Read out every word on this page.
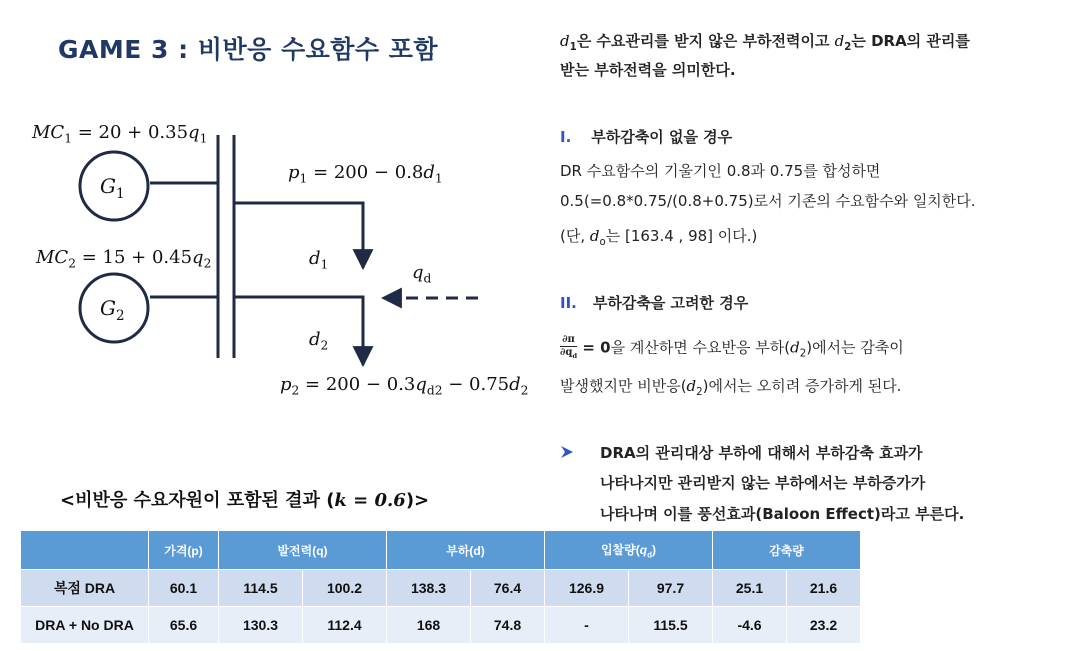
GAME 3 : 비반응 수요함수 포함
$MC_1 = 20 + 0.35q_1$
$G_1$
$MC_2 = 15 + 0.45q_2$
$G_2$
$p_1 = 200 - 0.8d_1$
$d_1$	$q_d$
$d_2$
$p_2 = 200 - 0.3q_{d2} - 0.75d_2$
$d_1$은 수요관리를 받지 않은 부하전력이고 $d_2$는 DRA의 관리를
받는 부하전력을 의미한다.
I. 부하감축이 없을 경우
DR 수요함수의 기울기인 0.8과 0.75를 합성하면
0.5(=0.8*0.75/(0.8+0.75)로서 기존의 수요함수와 일치한다.
(단, $d_o$는 [163.4 , 98] 이다.)
II. 부하감축을 고려한 경우
$\frac{\partial\pi}{\partial q_d} = 0$을 계산하면 수요반응 부하$(d_2)$에서는 감축이
발생했지만 비반응$(d_2)$에서는 오히려 증가하게 된다.
DRA의 관리대상 부하에 대해서 부하감축 효과가
나타나지만 관리받지 않는 부하에서는 부하증가가
나타나며 이를 풍선효과(Baloon Effect)라고 부른다.
<비반응 수요자원이 포함된 결과 (k = 0.6)>
	가격(p)	발전력(q)		부하(d)		입찰량$(q_d)$		감축량	
복점 DRA	60.1	114.5	100.2	138.3	76.4	126.9	97.7	25.1	21.6
DRA + No DRA	65.6	130.3	112.4	168	74.8	-	115.5	-4.6	23.2
